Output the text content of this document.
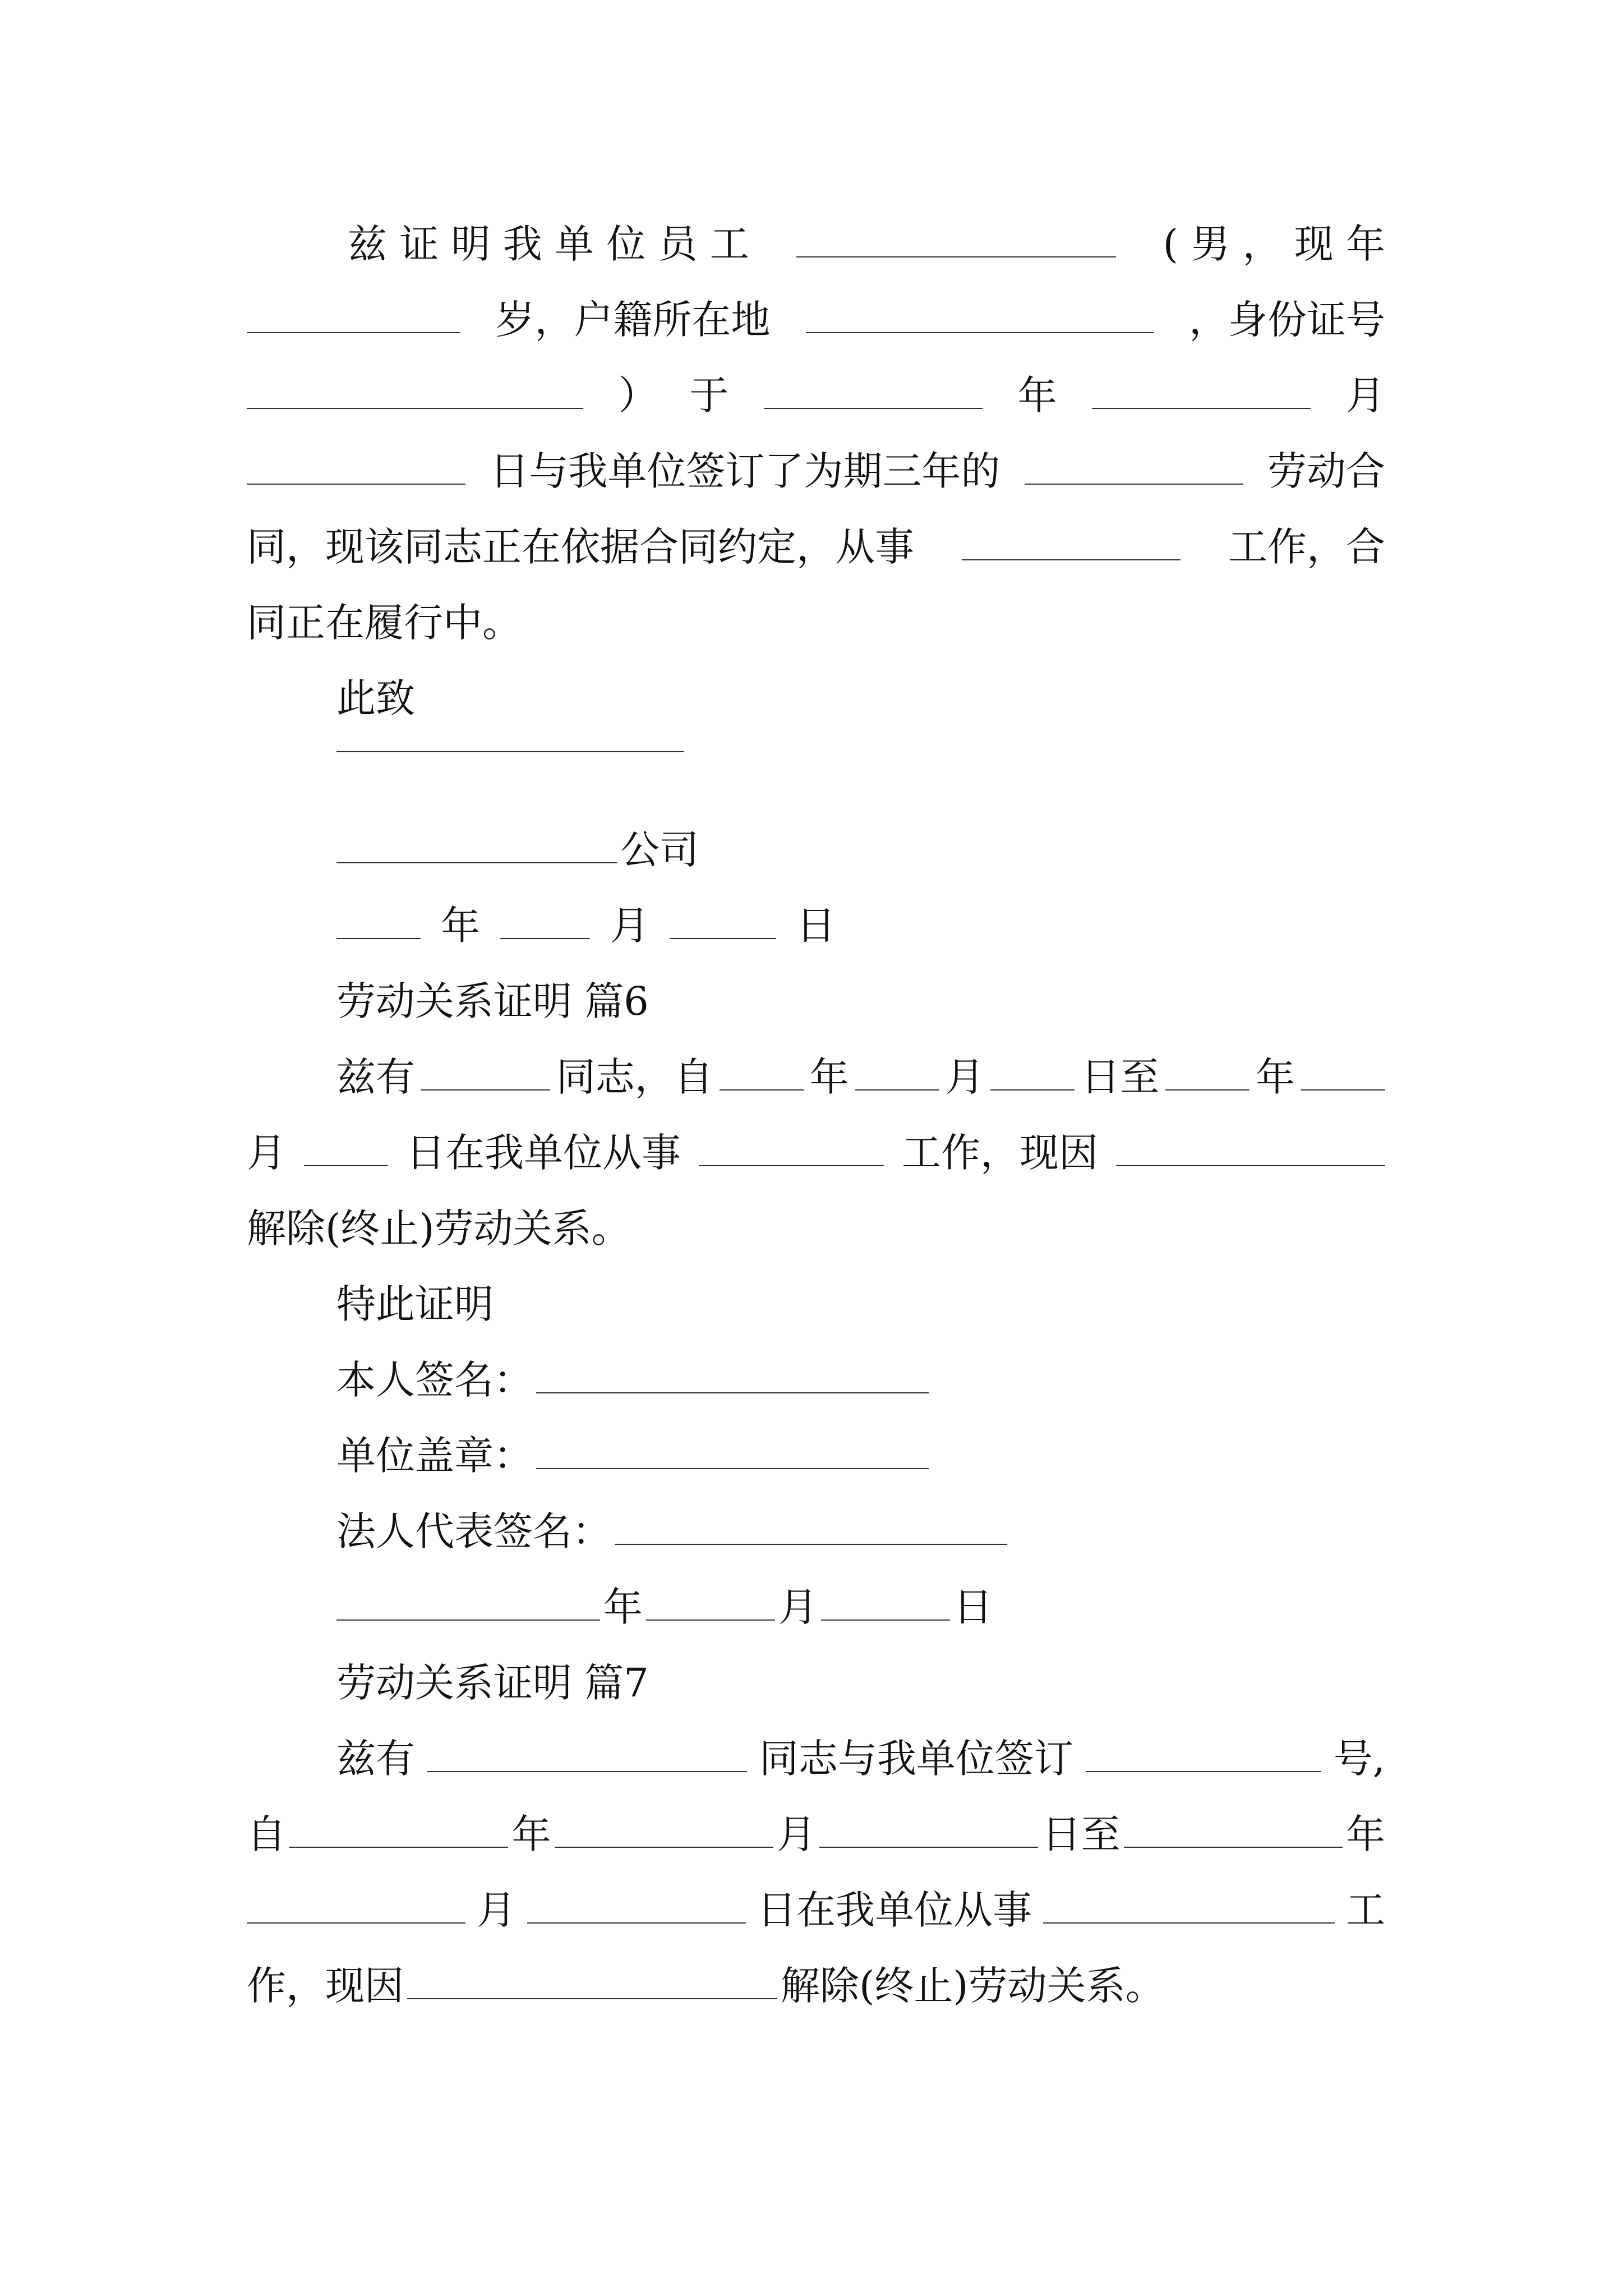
兹 证 明 我 单 位 员 工	( 男 ， 现 年
岁，户籍所在地	，身份证号
） 于	年	月
日与我单位签订了为期三年的	劳动合
同，现该同志正在依据合同约定，从事	工作，合
同正在履行中。
此致
公司
年	月	日
劳动关系证明 篇6
兹有	同志，自 年 月 日至 年
月	日在我单位从事	工作，现因
解除(终止)劳动关系。
特此证明
本人签名：
单位盖章：
法人代表签名：
年	月	日
劳动关系证明 篇7
兹有	同志与我单位签订	号,
自	年	月	日至	年
月	日在我单位从事	工
作，现因	解除(终止)劳动关系。
